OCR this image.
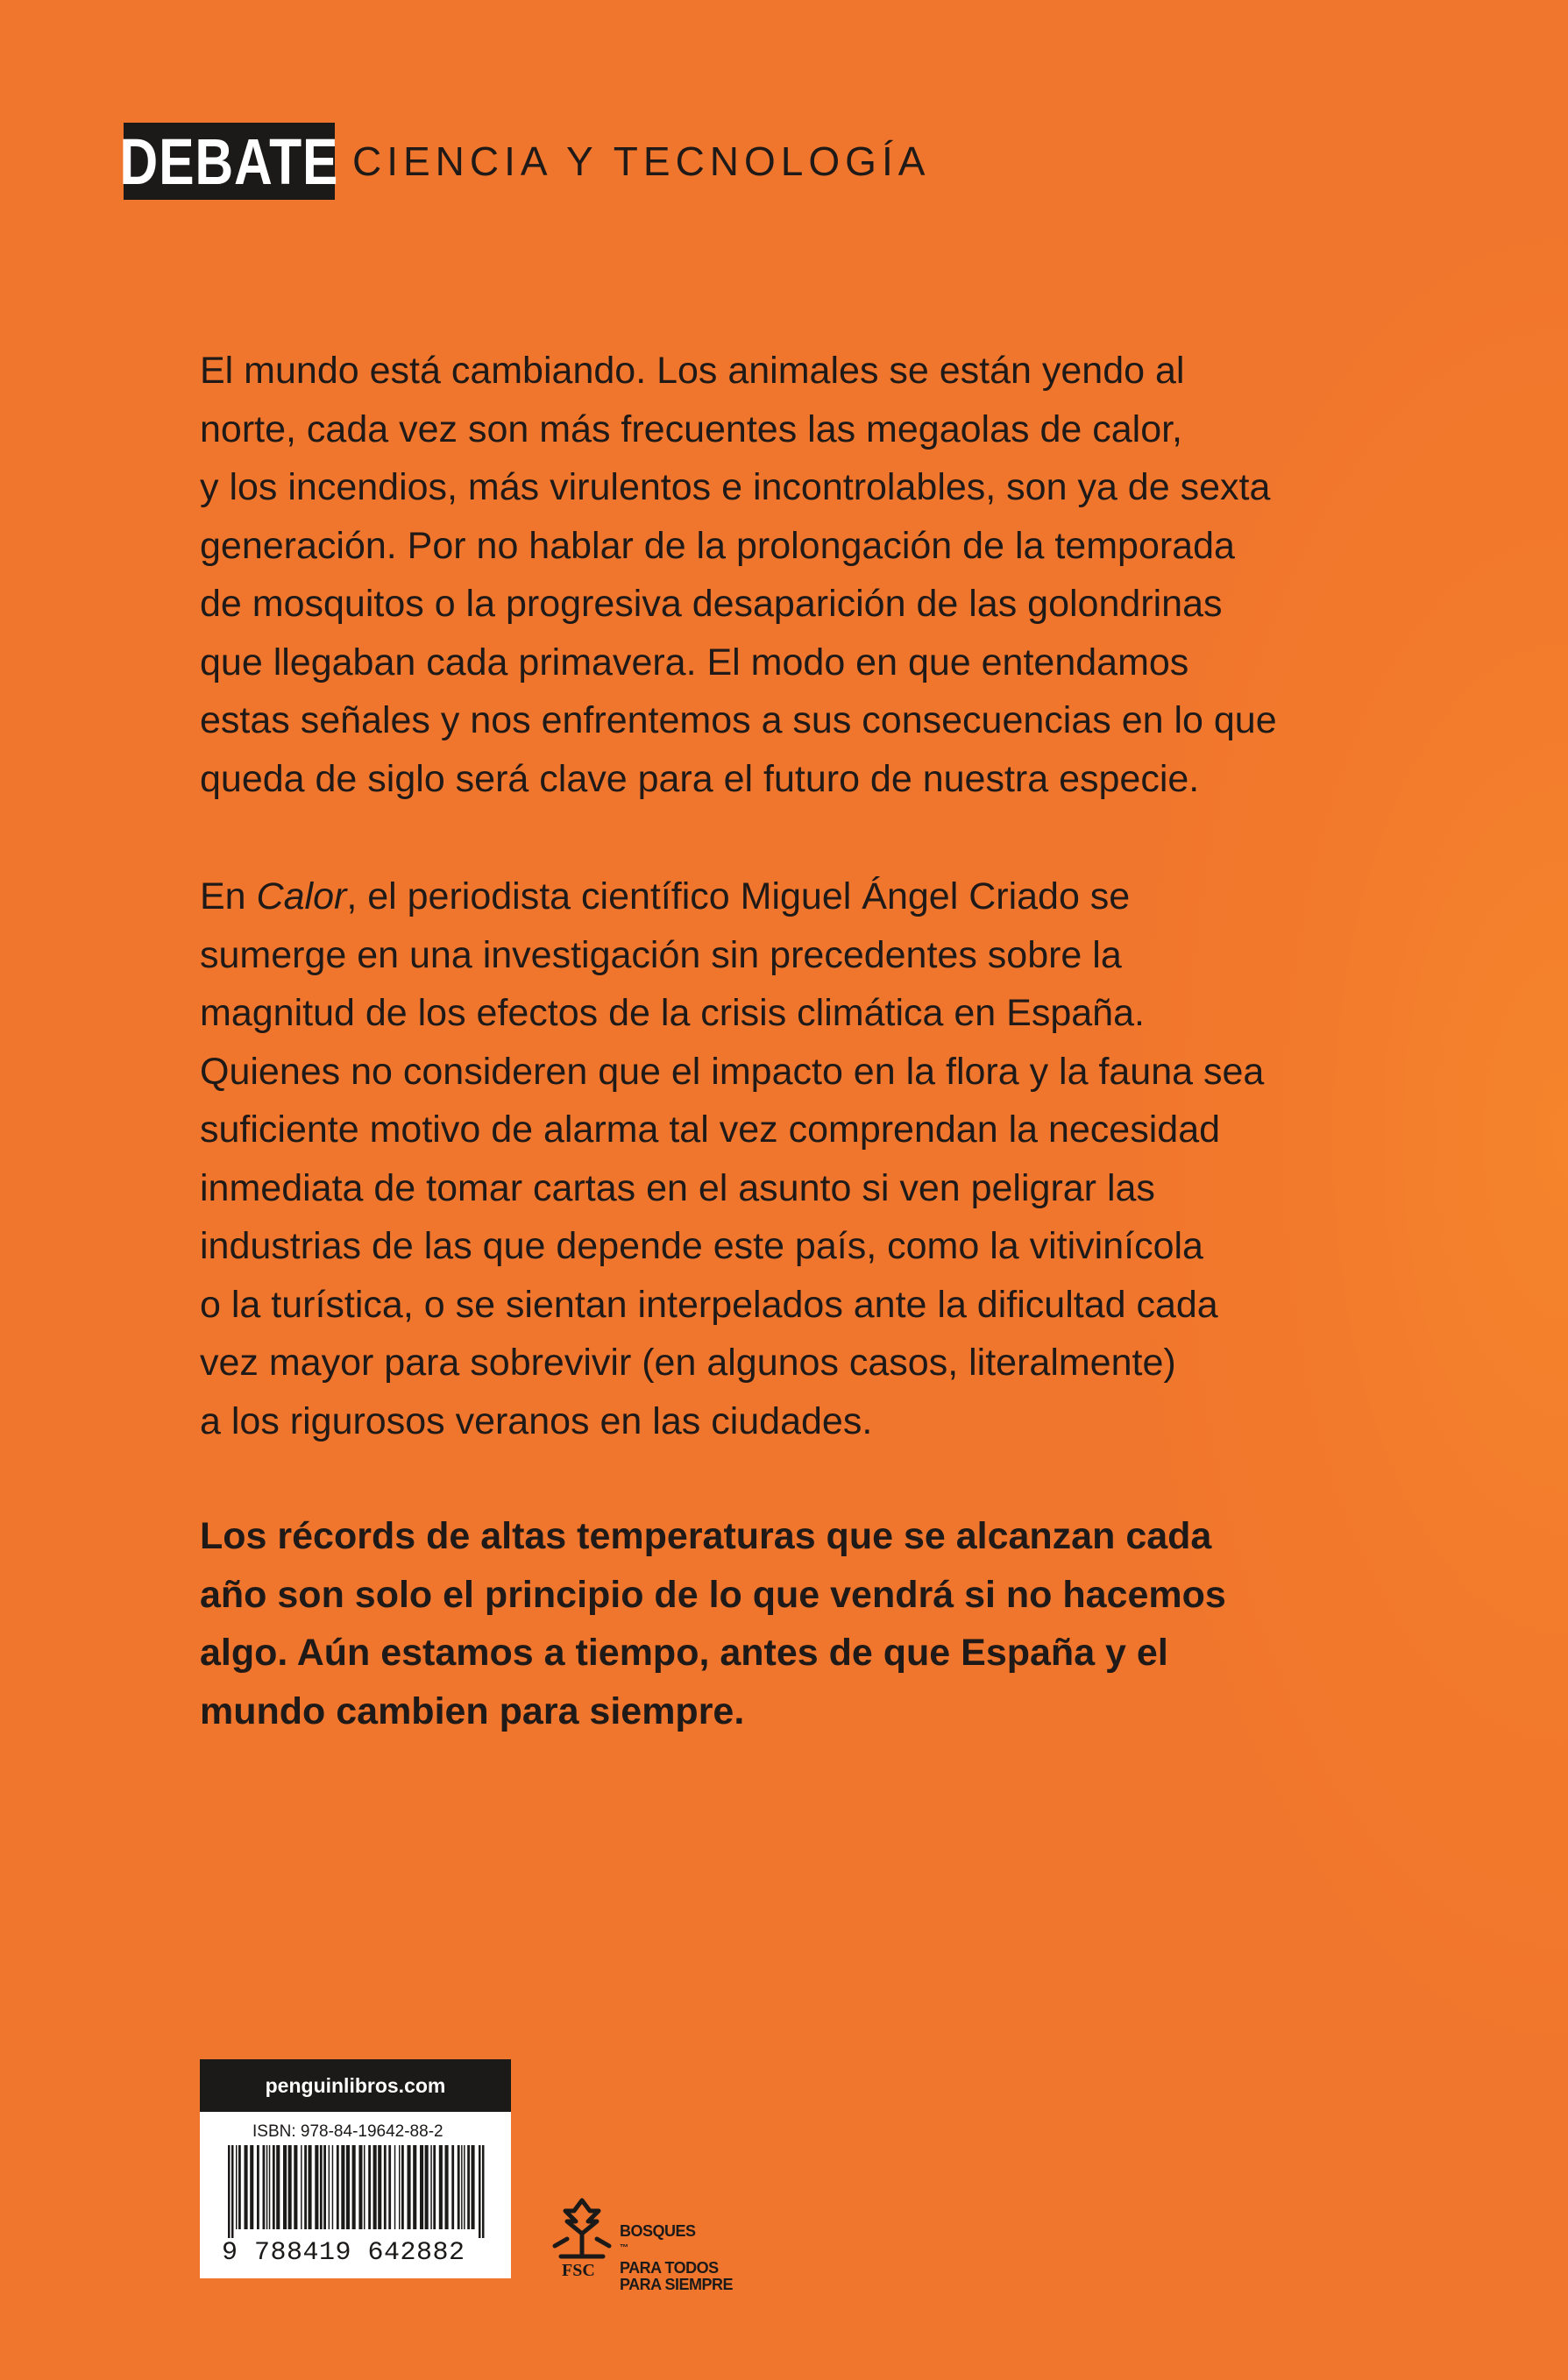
DEBATE CIENCIA Y TECNOLOGÍA

El mundo está cambiando. Los animales se están yendo al
norte, cada vez son más frecuentes las megaolas de calor,
y los incendios, más virulentos e incontrolables, son ya de sexta
generación. Por no hablar de la prolongación de la temporada
de mosquitos o la progresiva desaparición de las golondrinas
que llegaban cada primavera. El modo en que entendamos
estas señales y nos enfrentemos a sus consecuencias en lo que
queda de siglo será clave para el futuro de nuestra especie.

En Calor, el periodista científico Miguel Ángel Criado se
sumerge en una investigación sin precedentes sobre la
magnitud de los efectos de la crisis climática en España.
Quienes no consideren que el impacto en la flora y la fauna sea
suficiente motivo de alarma tal vez comprendan la necesidad
inmediata de tomar cartas en el asunto si ven peligrar las
industrias de las que depende este país, como la vitivinícola
o la turística, o se sientan interpelados ante la dificultad cada
vez mayor para sobrevivir (en algunos casos, literalmente)
a los rigurosos veranos en las ciudades.

Los récords de altas temperaturas que se alcanzan cada
año son solo el principio de lo que vendrá si no hacemos
algo. Aún estamos a tiempo, antes de que España y el
mundo cambien para siempre.

penguinlibros.com
ISBN: 978-84-19642-88-2
9 788419 642882
FSC
BOSQUES
™
PARA TODOS
PARA SIEMPRE
